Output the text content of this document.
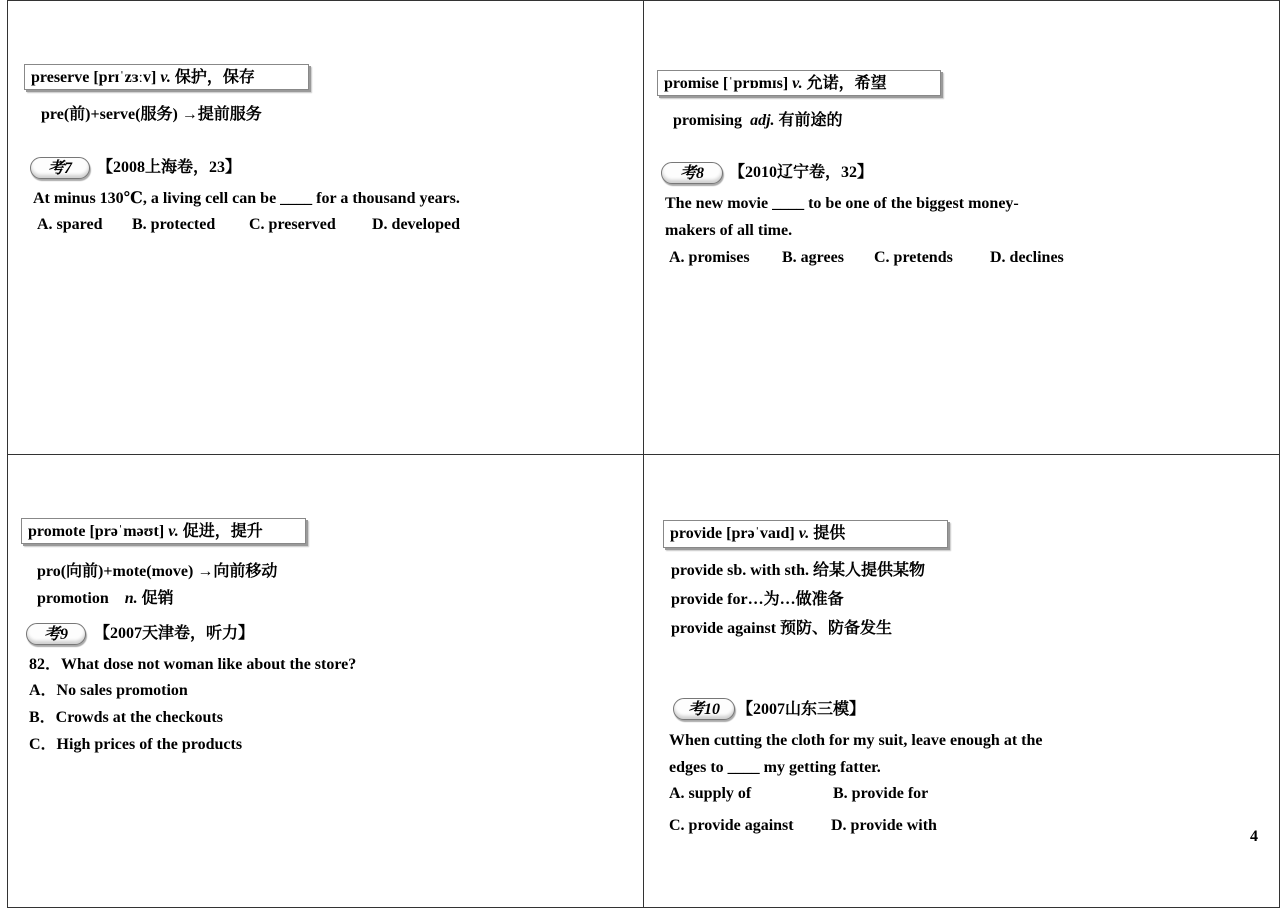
preserve [prɪˈzɜːv] v. 保护，保存
pre(前)+serve(服务) →提前服务
考7	【2008上海卷，23】
At minus 130℃, a living cell can be ____ for a thousand years.
A. spared B. protected C. preserved D. developed
promise [ˈprɒmɪs] v. 允诺，希望
promising adj. 有前途的
考8	【2010辽宁卷，32】
The new movie ____ to be one of the biggest money-
makers of all time.
A. promises B. agrees C. pretends D. declines
promote [prəˈməʊt] v. 促进，提升
pro(向前)+mote(move) →向前移动
promotion n. 促销
考9	【2007天津卷，听力】
82．What dose not woman like about the store?
A．No sales promotion
B．Crowds at the checkouts
C．High prices of the products
provide [prəˈvaɪd] v. 提供
provide sb. with sth. 给某人提供某物
provide for…为…做准备
provide against 预防、防备发生
考10	【2007山东三模】
When cutting the cloth for my suit, leave enough at the
edges to ____ my getting fatter.
A. supply of	B. provide for
C. provide against D. provide with
4
